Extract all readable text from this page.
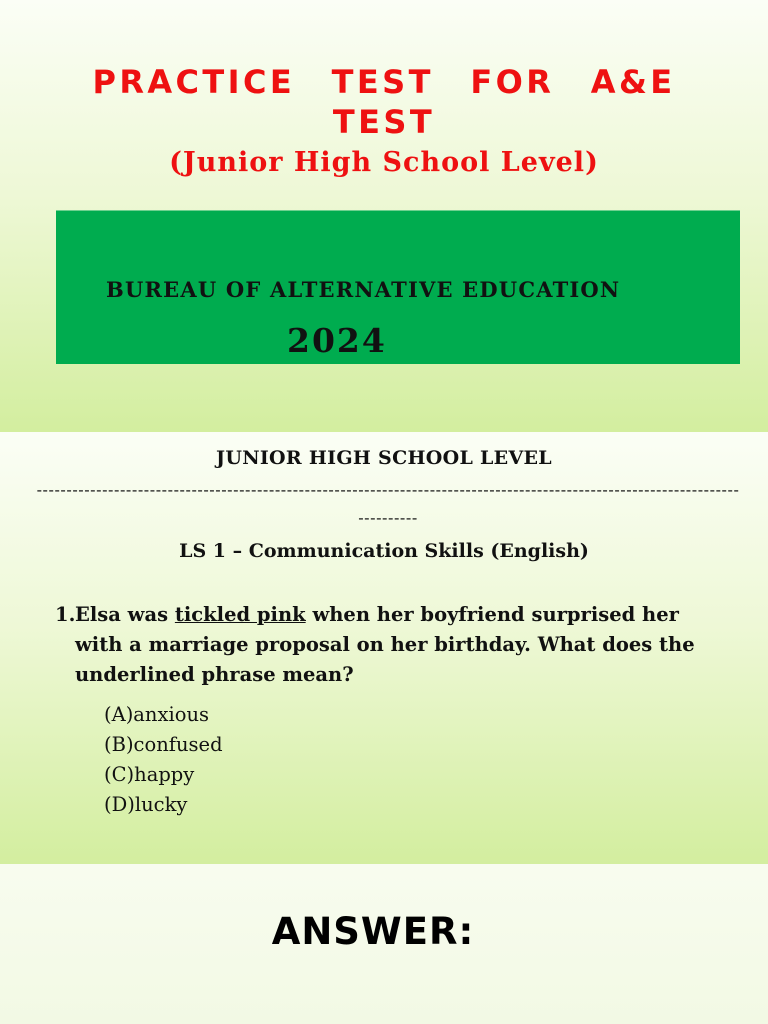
PRACTICE TEST FOR A&E TEST
(Junior High School Level)
BUREAU OF ALTERNATIVE EDUCATION
2024
JUNIOR HIGH SCHOOL LEVEL
--------------------------------------------------------------------------------------------------------------------------------
LS 1 – Communication Skills (English)
1. Elsa was tickled pink when her boyfriend surprised her with a marriage proposal on her birthday. What does the underlined phrase mean?
(A)anxious
(B)confused
(C)happy
(D)lucky
ANSWER:
